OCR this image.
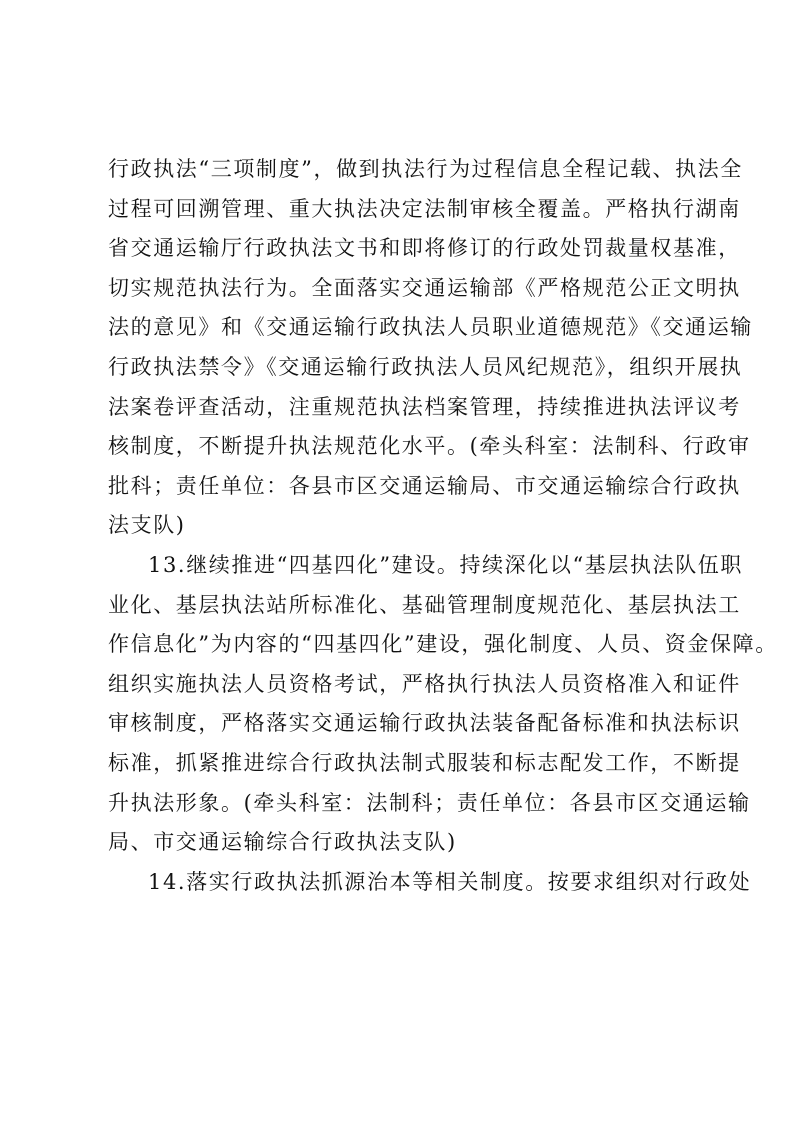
行政执法“三项制度”，做到执法行为过程信息全程记载、执法全
过程可回溯管理、重大执法决定法制审核全覆盖。严格执行湖南
省交通运输厅行政执法文书和即将修订的行政处罚裁量权基准，
切实规范执法行为。全面落实交通运输部《严格规范公正文明执
法的意见》和《交通运输行政执法人员职业道德规范》《交通运输
行政执法禁令》《交通运输行政执法人员风纪规范》，组织开展执
法案卷评查活动，注重规范执法档案管理，持续推进执法评议考
核制度，不断提升执法规范化水平。(牵头科室：法制科、行政审
批科；责任单位：各县市区交通运输局、市交通运输综合行政执
法支队)
13.继续推进“四基四化”建设。持续深化以“基层执法队伍职
业化、基层执法站所标准化、基础管理制度规范化、基层执法工
作信息化”为内容的“四基四化”建设，强化制度、人员、资金保障。
组织实施执法人员资格考试，严格执行执法人员资格准入和证件
审核制度，严格落实交通运输行政执法装备配备标准和执法标识
标准，抓紧推进综合行政执法制式服装和标志配发工作，不断提
升执法形象。(牵头科室：法制科；责任单位：各县市区交通运输
局、市交通运输综合行政执法支队)
14.落实行政执法抓源治本等相关制度。按要求组织对行政处
